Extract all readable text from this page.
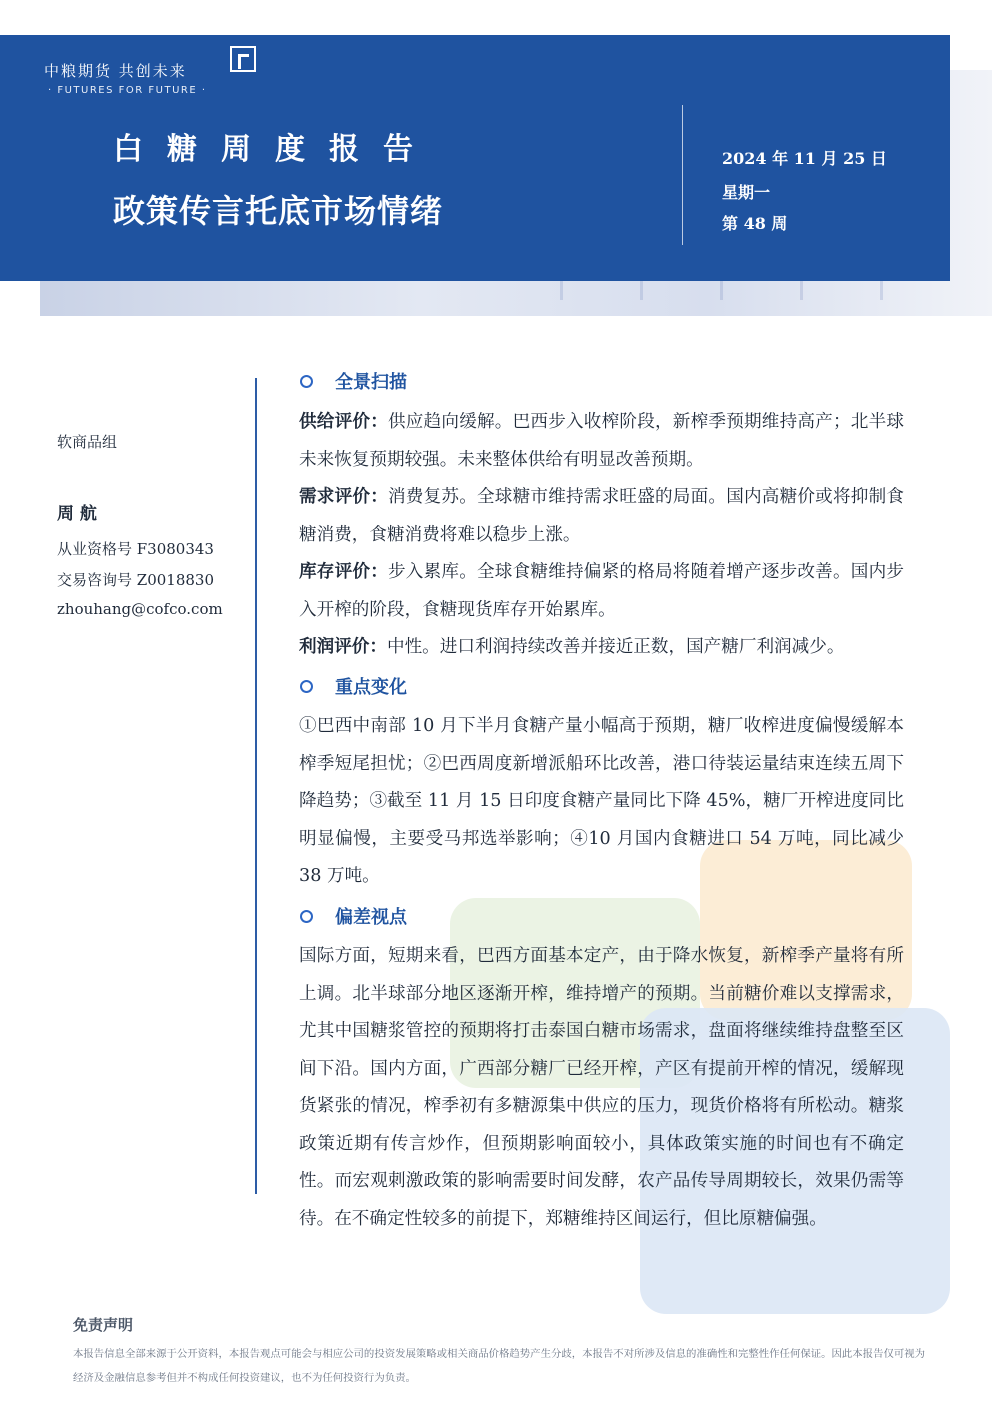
中粮期货 共创未来
· FUTURES FOR FUTURE ·
白糖周度报告
政策传言托底市场情绪
2024 年 11 月 25 日
星期一
第 48 周
软商品组
周 航
从业资格号 F3080343
交易咨询号 Z0018830
zhouhang@cofco.com
全景扫描

供给评价：供应趋向缓解。巴西步入收榨阶段，新榨季预期维持高产；北半球未来恢复预期较强。未来整体供给有明显改善预期。

需求评价：消费复苏。全球糖市维持需求旺盛的局面。国内高糖价或将抑制食糖消费，食糖消费将难以稳步上涨。

库存评价：步入累库。全球食糖维持偏紧的格局将随着增产逐步改善。国内步入开榨的阶段，食糖现货库存开始累库。

利润评价：中性。进口利润持续改善并接近正数，国产糖厂利润减少。

重点变化

①巴西中南部 10 月下半月食糖产量小幅高于预期，糖厂收榨进度偏慢缓解本榨季短尾担忧；②巴西周度新增派船环比改善，港口待装运量结束连续五周下降趋势；③截至 11 月 15 日印度食糖产量同比下降 45%，糖厂开榨进度同比明显偏慢，主要受马邦选举影响；④10 月国内食糖进口 54 万吨，同比减少 38 万吨。

偏差视点

国际方面，短期来看，巴西方面基本定产，由于降水恢复，新榨季产量将有所上调。北半球部分地区逐渐开榨，维持增产的预期。当前糖价难以支撑需求，尤其中国糖浆管控的预期将打击泰国白糖市场需求，盘面将继续维持盘整至区间下沿。国内方面，广西部分糖厂已经开榨，产区有提前开榨的情况，缓解现货紧张的情况，榨季初有多糖源集中供应的压力，现货价格将有所松动。糖浆政策近期有传言炒作，但预期影响面较小，具体政策实施的时间也有不确定性。而宏观刺激政策的影响需要时间发酵，农产品传导周期较长，效果仍需等待。在不确定性较多的前提下，郑糖维持区间运行，但比原糖偏强。

免责声明

本报告信息全部来源于公开资料，本报告观点可能会与相应公司的投资发展策略或相关商品价格趋势产生分歧，本报告不对所涉及信息的准确性和完整性作任何保证。因此本报告仅可视为经济及金融信息参考但并不构成任何投资建议，也不为任何投资行为负责。
